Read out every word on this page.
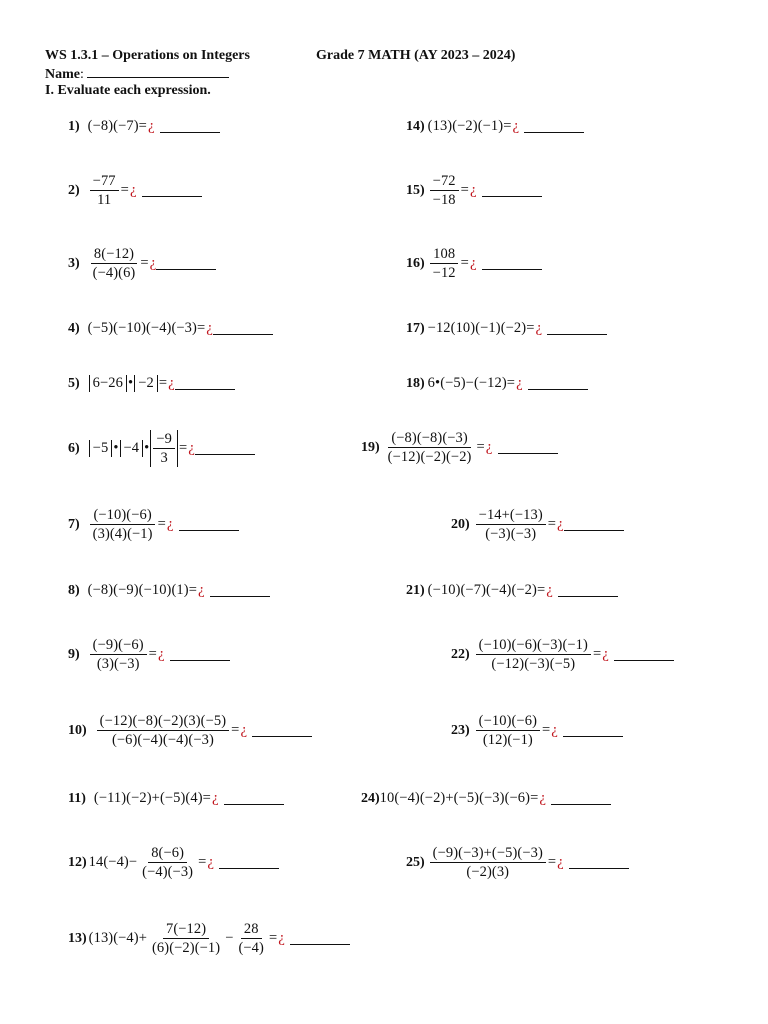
WS 1.3.1 – Operations on Integers	Grade 7 MATH (AY 2023 – 2024)
Name:
I. Evaluate each expression.
1) (−8)(−7) = ¿
$2) \frac{-77}{11}$ = ¿
$3) \frac{8(-12)}{(-4)(6)}$ = ¿
4) (−5)(−10)(−4)(−3) = ¿
5) 6−26 • −2 = ¿
6) −5 • −4 • $\frac{-9}{3}$ = ¿
$7) \frac{(-10)(-6)}{(3)(4)(-1)}$ = ¿
8) (−8)(−9)(−10)(1) = ¿
$9) \frac{(-9)(-6)}{(3)(-3)}$ = ¿
$10) \frac{(-12)(-8)(-2)(3)(-5)}{(-6)(-4)(-4)(-3)}$ = ¿
11) (−11)(−2)+(−5)(4) = ¿
12) $14(-4)- \frac{8(-6)}{(-4)(-3)}$ = ¿
13) $(13)(-4)+ \frac{7(-12)}{(6)(-2)(-1)} - \frac{28}{(-4)}$ = ¿
14) (13)(−2)(−1) = ¿
$15) \frac{-72}{-18}$ = ¿
$16) \frac{108}{-12}$ = ¿
17) −12(10)(−1)(−2) = ¿
18) 6•(−5)−(−12) = ¿
$19) \frac{(-8)(-8)(-3)}{(-12)(-2)(-2)}$ = ¿
$20) \frac{-14+(-13)}{(-3)(-3)}$ = ¿
21) (−10)(−7)(−4)(−2) = ¿
$22) \frac{(-10)(-6)(-3)(-1)}{(-12)(-3)(-5)}$ = ¿
$23) \frac{(-10)(-6)}{(12)(-1)}$ = ¿
24) 10(−4)(−2)+(−5)(−3)(−6) = ¿
$25) \frac{(-9)(-3)+(-5)(-3)}{(-2)(3)}$ = ¿
